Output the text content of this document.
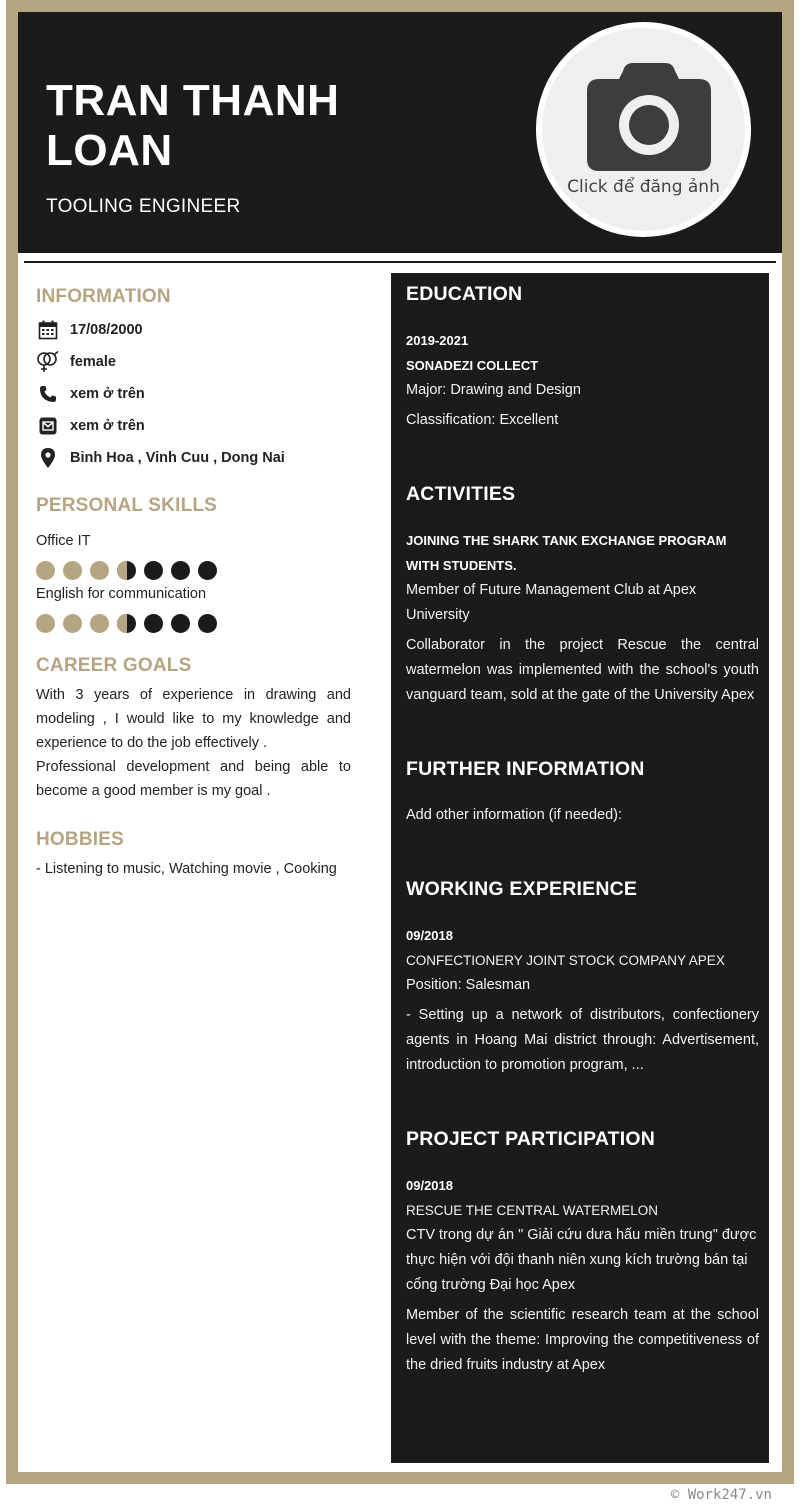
TRAN THANH LOAN
TOOLING ENGINEER
Click để đăng ảnh
INFORMATION
17/08/2000
female
xem ở trên
xem ở trên
Binh Hoa , Vinh Cuu , Dong Nai
PERSONAL SKILLS
Office IT
English for communication
CAREER GOALS
With 3 years of experience in drawing and modeling , I would like to my knowledge and experience to do the job effectively .
Professional development and being able to become a good member is my goal .
HOBBIES
- Listening to music, Watching movie , Cooking
EDUCATION
2019-2021
SONADEZI COLLECT
Major: Drawing and Design
Classification: Excellent
ACTIVITIES
JOINING THE SHARK TANK EXCHANGE PROGRAM WITH STUDENTS.
Member of Future Management Club at Apex University
Collaborator in the project Rescue the central watermelon was implemented with the school's youth vanguard team, sold at the gate of the University Apex
FURTHER INFORMATION
Add other information (if needed):
WORKING EXPERIENCE
09/2018
CONFECTIONERY JOINT STOCK COMPANY APEX
Position: Salesman
- Setting up a network of distributors, confectionery agents in Hoang Mai district through: Advertisement, introduction to promotion program, ...
PROJECT PARTICIPATION
09/2018
RESCUE THE CENTRAL WATERMELON
CTV trong dự án " Giải cứu dưa hấu miền trung" được thực hiện với đội thanh niên xung kích trường bán tại cổng trường Đại học Apex
Member of the scientific research team at the school level with the theme: Improving the competitiveness of the dried fruits industry at Apex
© Work247.vn
